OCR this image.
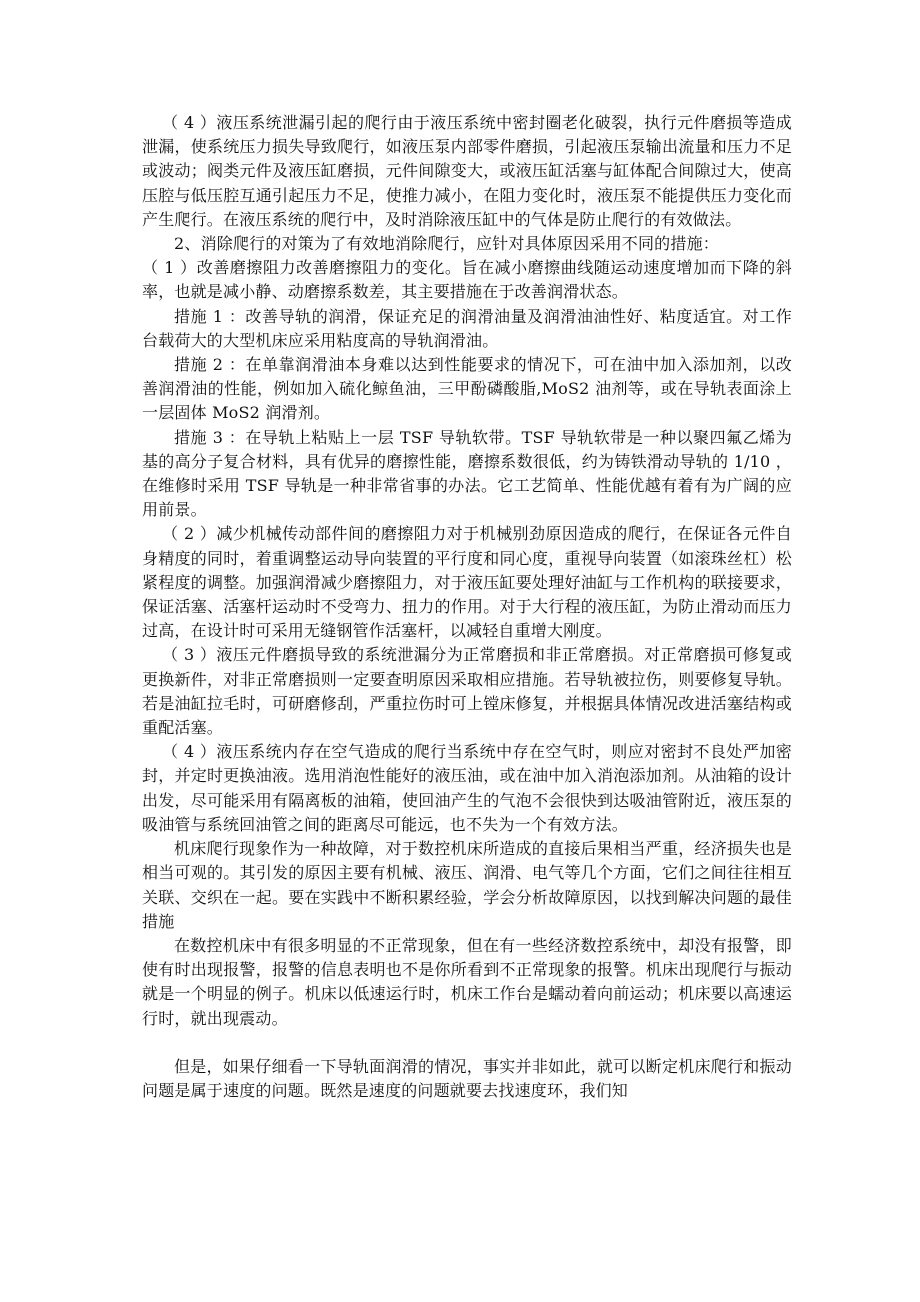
（ 4 ）液压系统泄漏引起的爬行由于液压系统中密封圈老化破裂，执行元件磨损等造成泄漏，使系统压力损失导致爬行，如液压泵内部零件磨损，引起液压泵输出流量和压力不足或波动；阀类元件及液压缸磨损，元件间隙变大，或液压缸活塞与缸体配合间隙过大，使高压腔与低压腔互通引起压力不足，使推力减小，在阻力变化时，液压泵不能提供压力变化而产生爬行。在液压系统的爬行中，及时消除液压缸中的气体是防止爬行的有效做法。

2、消除爬行的对策为了有效地消除爬行，应针对具体原因采用不同的措施：

（ 1 ）改善磨擦阻力改善磨擦阻力的变化。旨在减小磨擦曲线随运动速度增加而下降的斜率，也就是减小静、动磨擦系数差，其主要措施在于改善润滑状态。

措施 1 ：改善导轨的润滑，保证充足的润滑油量及润滑油油性好、粘度适宜。对工作台载荷大的大型机床应采用粘度高的导轨润滑油。

措施 2 ：在单靠润滑油本身难以达到性能要求的情况下，可在油中加入添加剂，以改善润滑油的性能，例如加入硫化鲸鱼油，三甲酚磷酸脂,MoS2 油剂等，或在导轨表面涂上一层固体 MoS2 润滑剂。

措施 3 ：在导轨上粘贴上一层 TSF 导轨软带。TSF 导轨软带是一种以聚四氟乙烯为基的高分子复合材料，具有优异的磨擦性能，磨擦系数很低，约为铸铁滑动导轨的 1/10 ，在维修时采用 TSF 导轨是一种非常省事的办法。它工艺简单、性能优越有着有为广阔的应用前景。

（ 2 ）减少机械传动部件间的磨擦阻力对于机械别劲原因造成的爬行，在保证各元件自身精度的同时，着重调整运动导向装置的平行度和同心度，重视导向装置（如滚珠丝杠）松紧程度的调整。加强润滑减少磨擦阻力，对于液压缸要处理好油缸与工作机构的联接要求，保证活塞、活塞杆运动时不受弯力、扭力的作用。对于大行程的液压缸，为防止滑动而压力过高，在设计时可采用无缝钢管作活塞杆，以减轻自重增大刚度。

（ 3 ）液压元件磨损导致的系统泄漏分为正常磨损和非正常磨损。对正常磨损可修复或更换新件，对非正常磨损则一定要查明原因采取相应措施。若导轨被拉伤，则要修复导轨。若是油缸拉毛时，可研磨修刮，严重拉伤时可上镗床修复，并根据具体情况改进活塞结构或重配活塞。

（ 4 ）液压系统内存在空气造成的爬行当系统中存在空气时，则应对密封不良处严加密封，并定时更换油液。选用消泡性能好的液压油，或在油中加入消泡添加剂。从油箱的设计出发，尽可能采用有隔离板的油箱，使回油产生的气泡不会很快到达吸油管附近，液压泵的吸油管与系统回油管之间的距离尽可能远，也不失为一个有效方法。

机床爬行现象作为一种故障，对于数控机床所造成的直接后果相当严重，经济损失也是相当可观的。其引发的原因主要有机械、液压、润滑、电气等几个方面，它们之间往往相互关联、交织在一起。要在实践中不断积累经验，学会分析故障原因，以找到解决问题的最佳措施

在数控机床中有很多明显的不正常现象，但在有一些经济数控系统中，却没有报警，即使有时出现报警，报警的信息表明也不是你所看到不正常现象的报警。机床出现爬行与振动就是一个明显的例子。机床以低速运行时，机床工作台是蠕动着向前运动；机床要以高速运行时，就出现震动。

但是，如果仔细看一下导轨面润滑的情况，事实并非如此，就可以断定机床爬行和振动问题是属于速度的问题。既然是速度的问题就要去找速度环，我们知
